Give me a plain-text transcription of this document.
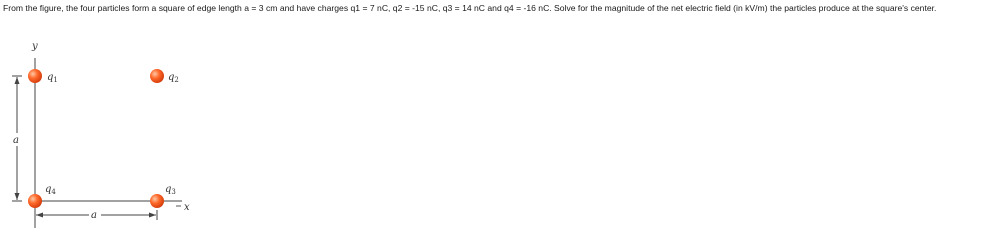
From the figure, the four particles form a square of edge length a = 3 cm and have charges q1 = 7 nC, q2 = -15 nC, q3 = 14 nC and q4 = -16 nC. Solve for the magnitude of the net electric field (in kV/m) the particles produce at the square's center.

y
x
a
a
$q_1$	$q_2$
$q_3$
$q_4$
